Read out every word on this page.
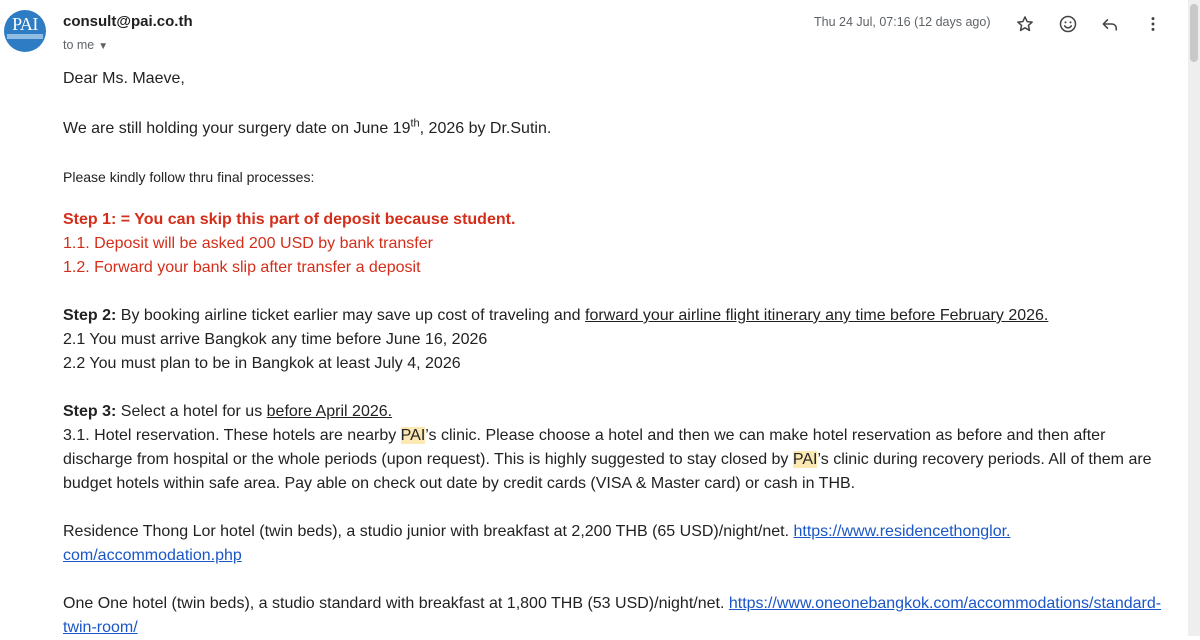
PAI	consult@pai.co.th
to me ▼
Thu 24 Jul, 07:16 (12 days ago)

Dear Ms. Maeve,

We are still holding your surgery date on June 19th, 2026 by Dr.Sutin.

Please kindly follow thru final processes:

Step 1: = You can skip this part of deposit because student.

1.1. Deposit will be asked 200 USD by bank transfer

1.2. Forward your bank slip after transfer a deposit

Step 2: By booking airline ticket earlier may save up cost of traveling and forward your airline flight itinerary any time before February 2026.

2.1 You must arrive Bangkok any time before June 16, 2026

2.2 You must plan to be in Bangkok at least July 4, 2026

Step 3: Select a hotel for us before April 2026.

3.1. Hotel reservation. These hotels are nearby PAI’s clinic. Please choose a hotel and then we can make hotel reservation as before and then after discharge from hospital or the whole periods (upon request). This is highly suggested to stay closed by PAI’s clinic during recovery periods. All of them are budget hotels within safe area. Pay able on check out date by credit cards (VISA & Master card) or cash in THB.

Residence Thong Lor hotel (twin beds), a studio junior with breakfast at 2,200 THB (65 USD)/night/net. https://www.residencethonglor.
com/accommodation.php

One One hotel (twin beds), a studio standard with breakfast at 1,800 THB (53 USD)/night/net. https://www.oneonebangkok.com/accommodations/standard-
twin-room/
